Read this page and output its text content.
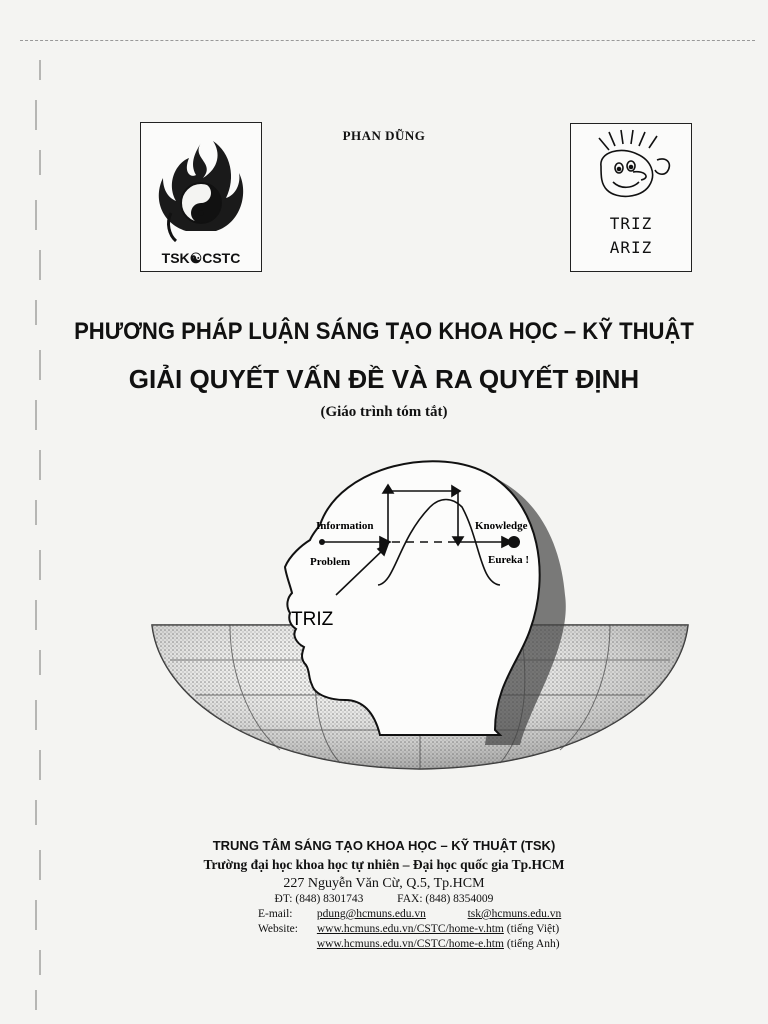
TSK☯CSTC
PHAN DŨNG
TRIZ
ARIZ
PHƯƠNG PHÁP LUẬN SÁNG TẠO KHOA HỌC – KỸ THUẬT
GIẢI QUYẾT VẤN ĐỀ VÀ RA QUYẾT ĐỊNH
(Giáo trình tóm tắt)
Information	Knowledge
Problem	Eureka !
TRIZ
TRUNG TÂM SÁNG TẠO KHOA HỌC – KỸ THUẬT (TSK)
Trường đại học khoa học tự nhiên – Đại học quốc gia Tp.HCM
227 Nguyễn Văn Cừ, Q.5, Tp.HCM
ĐT: (848) 8301743	FAX: (848) 8354009
E-mail: pdung@hcmuns.edu.vn	tsk@hcmuns.edu.vn
Website: www.hcmuns.edu.vn/CSTC/home-v.htm (tiếng Việt)
www.hcmuns.edu.vn/CSTC/home-e.htm (tiếng Anh)
